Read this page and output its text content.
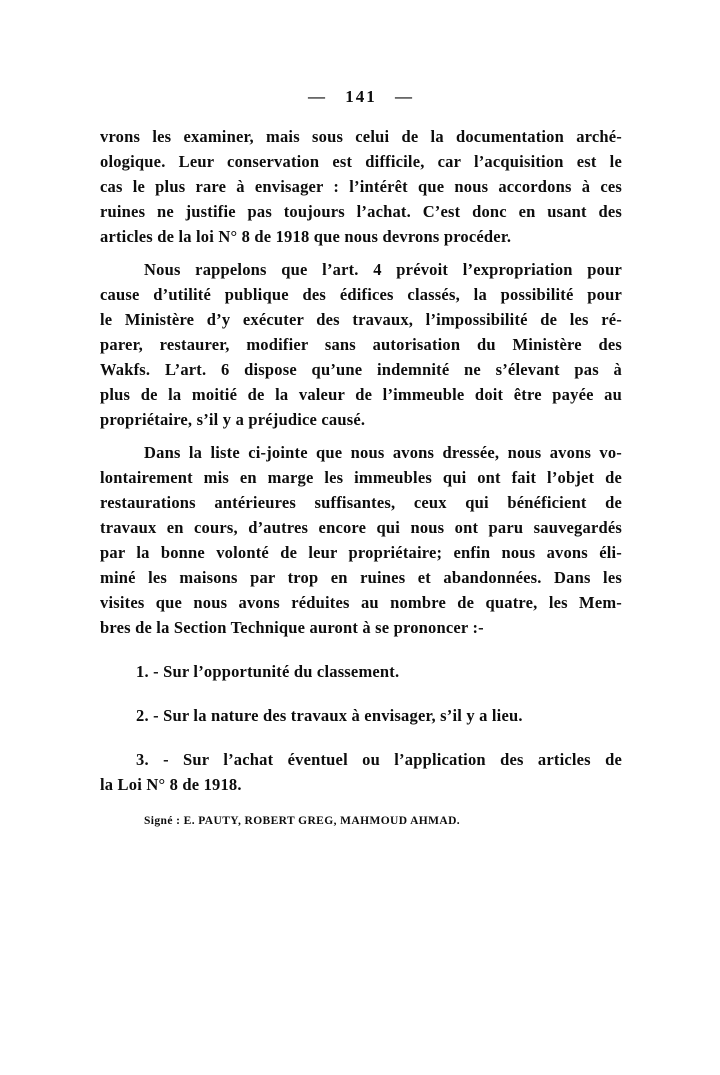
— 141 —
vrons les examiner, mais sous celui de la documentation arché-
ologique. Leur conservation est difficile, car l’acquisition est le
cas le plus rare à envisager : l’intérêt que nous accordons à ces
ruines ne justifie pas toujours l’achat. C’est donc en usant des
articles de la loi N° 8 de 1918 que nous devrons procéder.
Nous rappelons que l’art. 4 prévoit l’expropriation pour
cause d’utilité publique des édifices classés, la possibilité pour
le Ministère d’y exécuter des travaux, l’impossibilité de les ré-
parer, restaurer, modifier sans autorisation du Ministère des
Wakfs. L’art. 6 dispose qu’une indemnité ne s’élevant pas à
plus de la moitié de la valeur de l’immeuble doit être payée au
propriétaire, s’il y a préjudice causé.
Dans la liste ci-jointe que nous avons dressée, nous avons vo-
lontairement mis en marge les immeubles qui ont fait l’objet de
restaurations antérieures suffisantes, ceux qui bénéficient de
travaux en cours, d’autres encore qui nous ont paru sauvegardés
par la bonne volonté de leur propriétaire; enfin nous avons éli-
miné les maisons par trop en ruines et abandonnées. Dans les
visites que nous avons réduites au nombre de quatre, les Mem-
bres de la Section Technique auront à se prononcer :-
1. - Sur l’opportunité du classement.
2. - Sur la nature des travaux à envisager, s’il y a lieu.
3. - Sur l’achat éventuel ou l’application des articles de
la Loi N° 8 de 1918.
Signé : E. PAUTY, ROBERT GREG, MAHMOUD AHMAD.
